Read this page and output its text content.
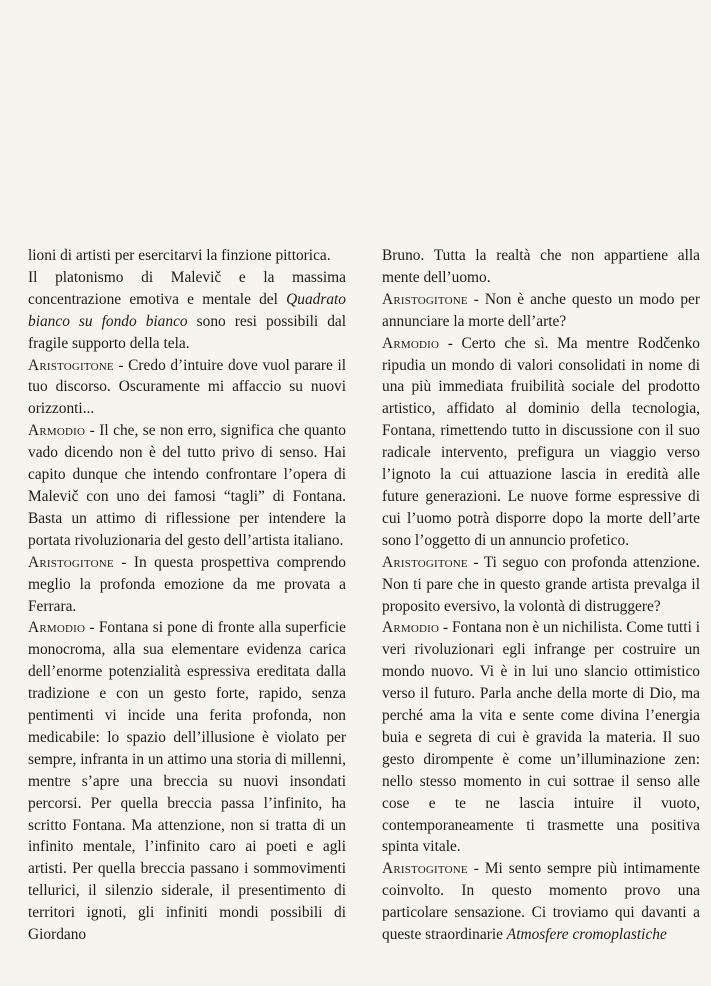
lioni di artisti per esercitarvi la finzione pittorica.

Il platonismo di Malevič e la massima concentrazione emotiva e mentale del Quadrato bianco su fondo bianco sono resi possibili dal fragile supporto della tela.

Aristogitone - Credo d’intuire dove vuol parare il tuo discorso. Oscuramente mi affaccio su nuovi orizzonti...

Armodio - Il che, se non erro, significa che quanto vado dicendo non è del tutto privo di senso. Hai capito dunque che intendo confrontare l’opera di Malevič con uno dei famosi “tagli” di Fontana. Basta un attimo di riflessione per intendere la portata rivoluzionaria del gesto dell’artista italiano.

Aristogitone - In questa prospettiva comprendo meglio la profonda emozione da me provata a Ferrara.

Armodio - Fontana si pone di fronte alla superficie monocroma, alla sua elementare evidenza carica dell’enorme potenzialità espressiva ereditata dalla tradizione e con un gesto forte, rapido, senza pentimenti vi incide una ferita profonda, non medicabile: lo spazio dell’illusione è violato per sempre, infranta in un attimo una storia di millenni, mentre s’apre una breccia su nuovi insondati percorsi. Per quella breccia passa l’infinito, ha scritto Fontana. Ma attenzione, non si tratta di un infinito mentale, l’infinito caro ai poeti e agli artisti. Per quella breccia passano i sommovimenti tellurici, il silenzio siderale, il presentimento di territori ignoti, gli infiniti mondi possibili di Giordano

Bruno. Tutta la realtà che non appartiene alla mente dell’uomo.

Aristogitone - Non è anche questo un modo per annunciare la morte dell’arte?

Armodio - Certo che sì. Ma mentre Rodčenko ripudia un mondo di valori consolidati in nome di una più immediata fruibilità sociale del prodotto artistico, affidato al dominio della tecnologia, Fontana, rimettendo tutto in discussione con il suo radicale intervento, prefigura un viaggio verso l’ignoto la cui attuazione lascia in eredità alle future generazioni. Le nuove forme espressive di cui l’uomo potrà disporre dopo la morte dell’arte sono l’oggetto di un annuncio profetico.

Aristogitone - Ti seguo con profonda attenzione. Non ti pare che in questo grande artista prevalga il proposito eversivo, la volontà di distruggere?

Armodio - Fontana non è un nichilista. Come tutti i veri rivoluzionari egli infrange per costruire un mondo nuovo. Vi è in lui uno slancio ottimistico verso il futuro. Parla anche della morte di Dio, ma perché ama la vita e sente come divina l’energia buia e segreta di cui è gravida la materia. Il suo gesto dirompente è come un’illuminazione zen: nello stesso momento in cui sottrae il senso alle cose e te ne lascia intuire il vuoto, contemporaneamente ti trasmette una positiva spinta vitale.

Aristogitone - Mi sento sempre più intimamente coinvolto. In questo momento provo una particolare sensazione. Ci troviamo qui davanti a queste straordinarie Atmosfere cromoplastiche
